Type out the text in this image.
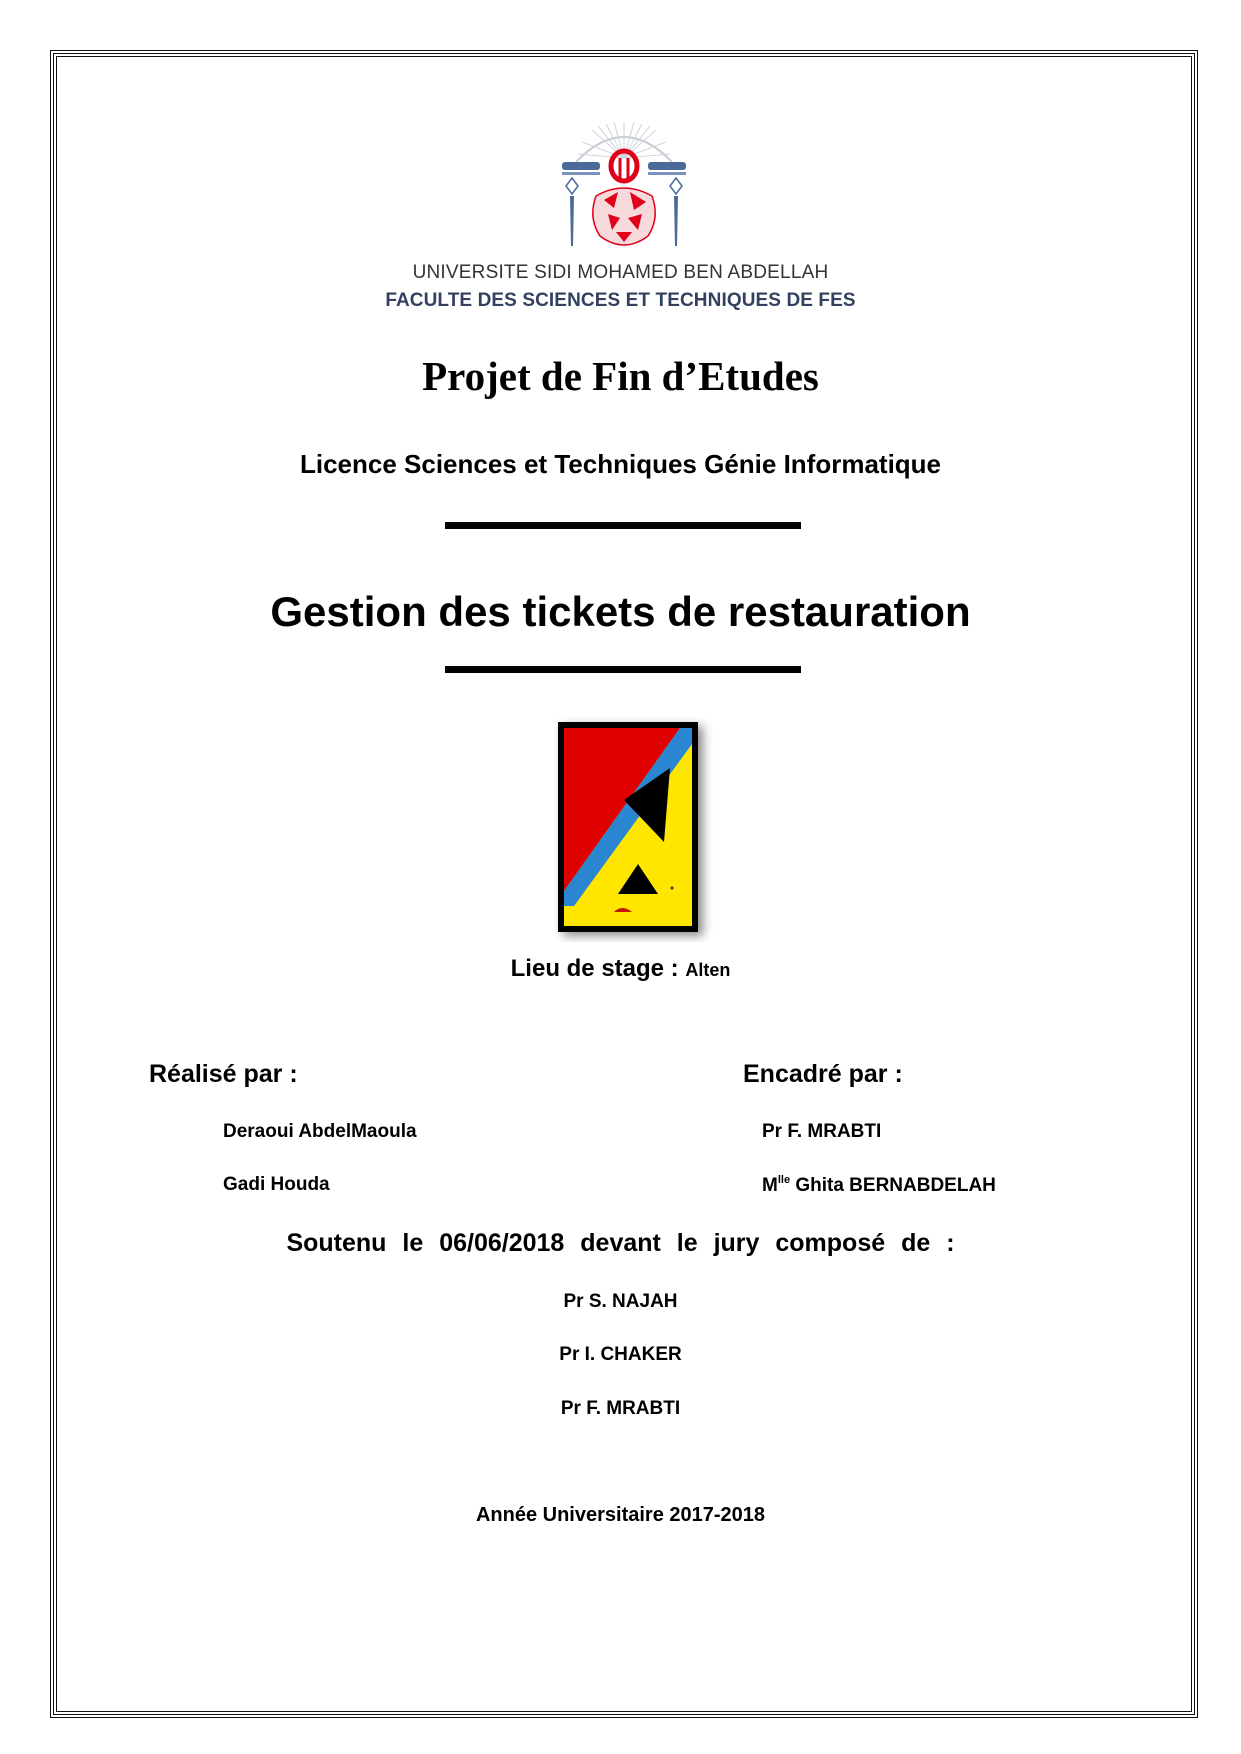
UNIVERSITE SIDI MOHAMED BEN ABDELLAH
FACULTE DES SCIENCES ET TECHNIQUES DE FES
Projet de Fin d’Etudes
Licence Sciences et Techniques Génie Informatique
Gestion des tickets de restauration
Lieu de stage : Alten
Réalisé par :
Deraoui AbdelMaoula
Gadi Houda
Encadré par :
Pr F. MRABTI
$M^{lle}$ Ghita BERNABDELAH
Soutenu le 06/06/2018 devant le jury composé de :
Pr S. NAJAH
Pr I. CHAKER
Pr F. MRABTI
Année Universitaire 2017-2018
